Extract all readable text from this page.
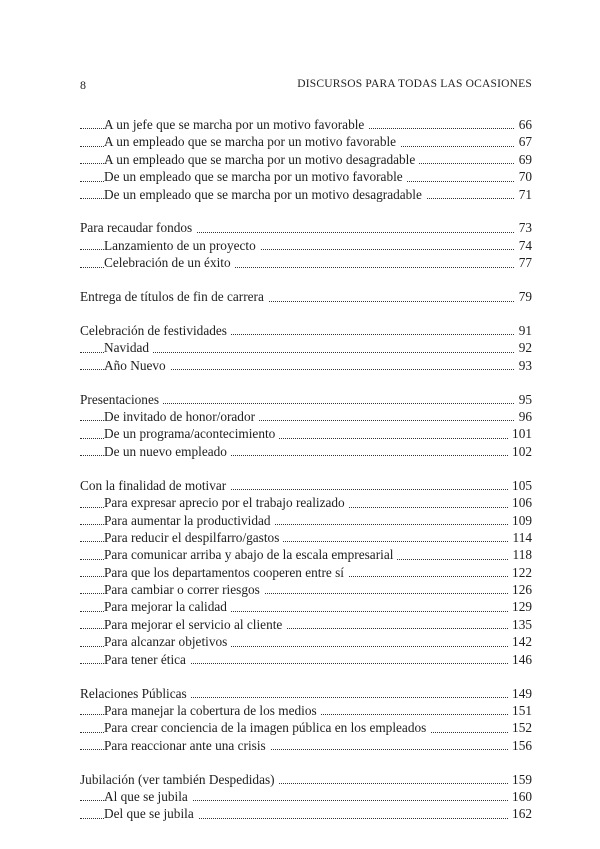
8	DISCURSOS PARA TODAS LAS OCASIONES
A un jefe que se marcha por un motivo favorable	66
A un empleado que se marcha por un motivo favorable	67
A un empleado que se marcha por un motivo desagradable	69
De un empleado que se marcha por un motivo favorable	70
De un empleado que se marcha por un motivo desagradable	71
Para recaudar fondos	73
Lanzamiento de un proyecto	74
Celebración de un éxito	77
Entrega de títulos de fin de carrera	79
Celebración de festividades	91
Navidad	92
Año Nuevo	93
Presentaciones	95
De invitado de honor/orador	96
De un programa/acontecimiento	101
De un nuevo empleado	102
Con la finalidad de motivar	105
Para expresar aprecio por el trabajo realizado	106
Para aumentar la productividad	109
Para reducir el despilfarro/gastos	114
Para comunicar arriba y abajo de la escala empresarial	118
Para que los departamentos cooperen entre sí	122
Para cambiar o correr riesgos	126
Para mejorar la calidad	129
Para mejorar el servicio al cliente	135
Para alcanzar objetivos	142
Para tener ética	146
Relaciones Públicas	149
Para manejar la cobertura de los medios	151
Para crear conciencia de la imagen pública en los empleados	152
Para reaccionar ante una crisis	156
Jubilación (ver también Despedidas)	159
Al que se jubila	160
Del que se jubila	162
